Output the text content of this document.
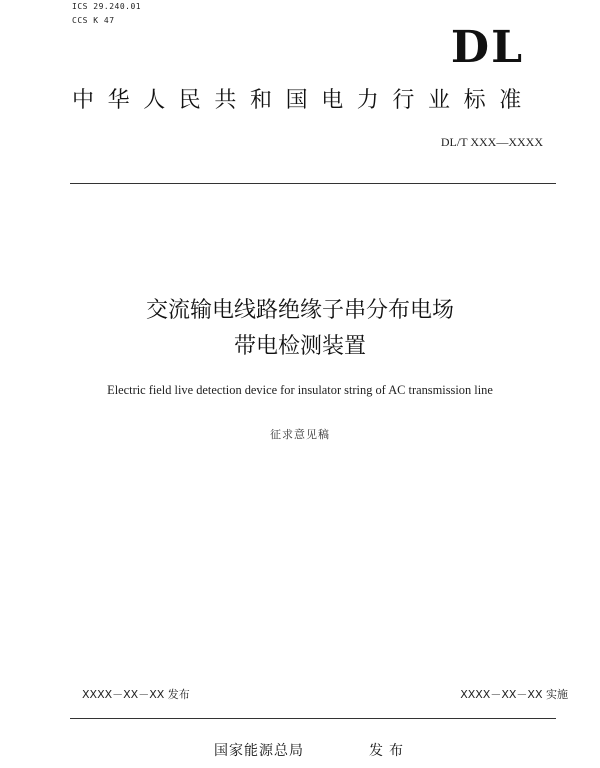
ICS 29.240.01
CCS K 47
DL
中华人民共和国电力行业标准
DL/T XXX—XXXX
交流输电线路绝缘子串分布电场
带电检测装置
Electric field live detection device for insulator string of AC transmission line
征求意见稿
XXXX－XX－XX 发布	XXXX－XX－XX 实施
国家能源总局	发布
